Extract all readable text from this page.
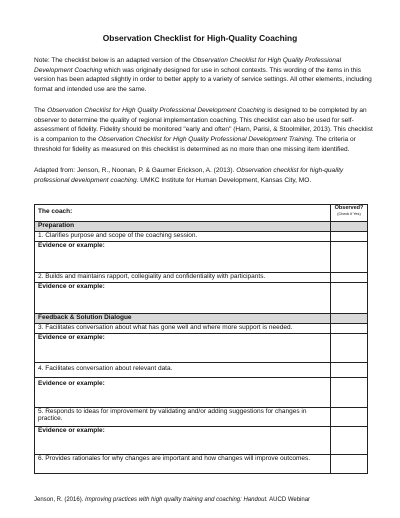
Observation Checklist for High-Quality Coaching
Note: The checklist below is an adapted version of the Observation Checklist for High Quality Professional Development Coaching which was originally designed for use in school contexts. This wording of the items in this version has been adapted slightly in order to better apply to a variety of service settings. All other elements, including format and intended use are the same.
The Observation Checklist for High Quality Professional Development Coaching is designed to be completed by an observer to determine the quality of regional implementation coaching. This checklist can also be used for self-assessment of fidelity. Fidelity should be monitored "early and often" (Harn, Parisi, & Stoolmiller, 2013). This checklist is a companion to the Observation Checklist for High Quality Professional Development Training. The criteria or threshold for fidelity as measured on this checklist is determined as no more than one missing item identified.
Adapted from: Jenson, R., Noonan, P. & Gaumer Erickson, A. (2013). Observation checklist for high-quality professional development coaching. UMKC Institute for Human Development, Kansas City, MO.
The coach:	Observed?
(Check if Yes)

Preparation	
1. Clarifies purpose and scope of the coaching session.	
Evidence or example:	
2. Builds and maintains rapport, collegiality and confidentiality with participants.	
Evidence or example:	
Feedback & Solution Dialogue	
3. Facilitates conversation about what has gone well and where more support is needed.	
Evidence or example:	
4. Facilitates conversation about relevant data.	
Evidence or example:	
5. Responds to ideas for improvement by validating and/or adding suggestions for changes in practice.	
Evidence or example:	
6. Provides rationales for why changes are important and how changes will improve outcomes.	
Jenson, R. (2016). Improving practices with high quality training and coaching: Handout. AUCD Webinar
